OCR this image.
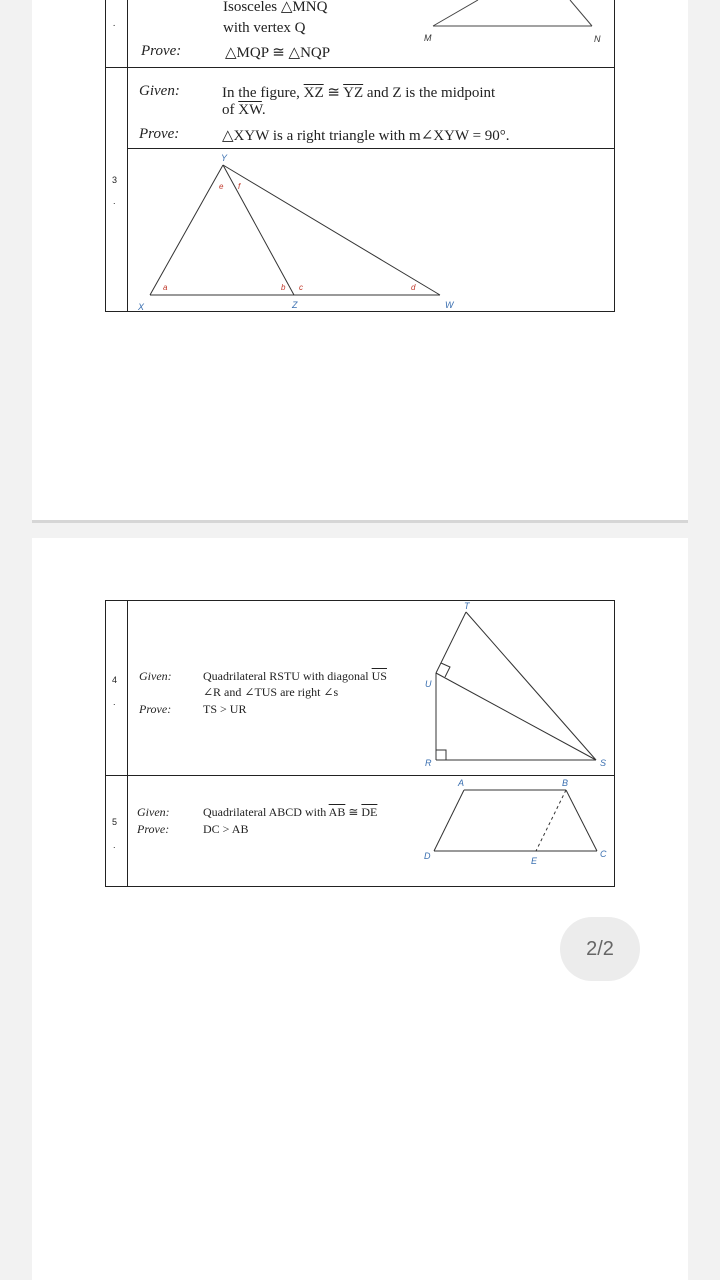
.
Isosceles △MNQ
with vertex Q
Prove:	△MQP ≅ △NQP
M	N
Given:	In the figure, $\overline{XZ}$ ≅ $\overline{YZ}$ and Z is the midpoint
of $\overline{XW}$.
Prove:	△XYW is a right triangle with m∠XYW = 90°.
3
.
Y
X	Z	W
a	b c	d
e f
4
.
Given:	Quadrilateral RSTU with diagonal $\overline{US}$
∠R and ∠TUS are right ∠s
Prove:	TS > UR
T
U
R	S
5
.
Given:	Quadrilateral ABCD with $\overline{AB}$ ≅ $\overline{DE}$
Prove:	DC > AB
A	B
C
D	E
2/2
